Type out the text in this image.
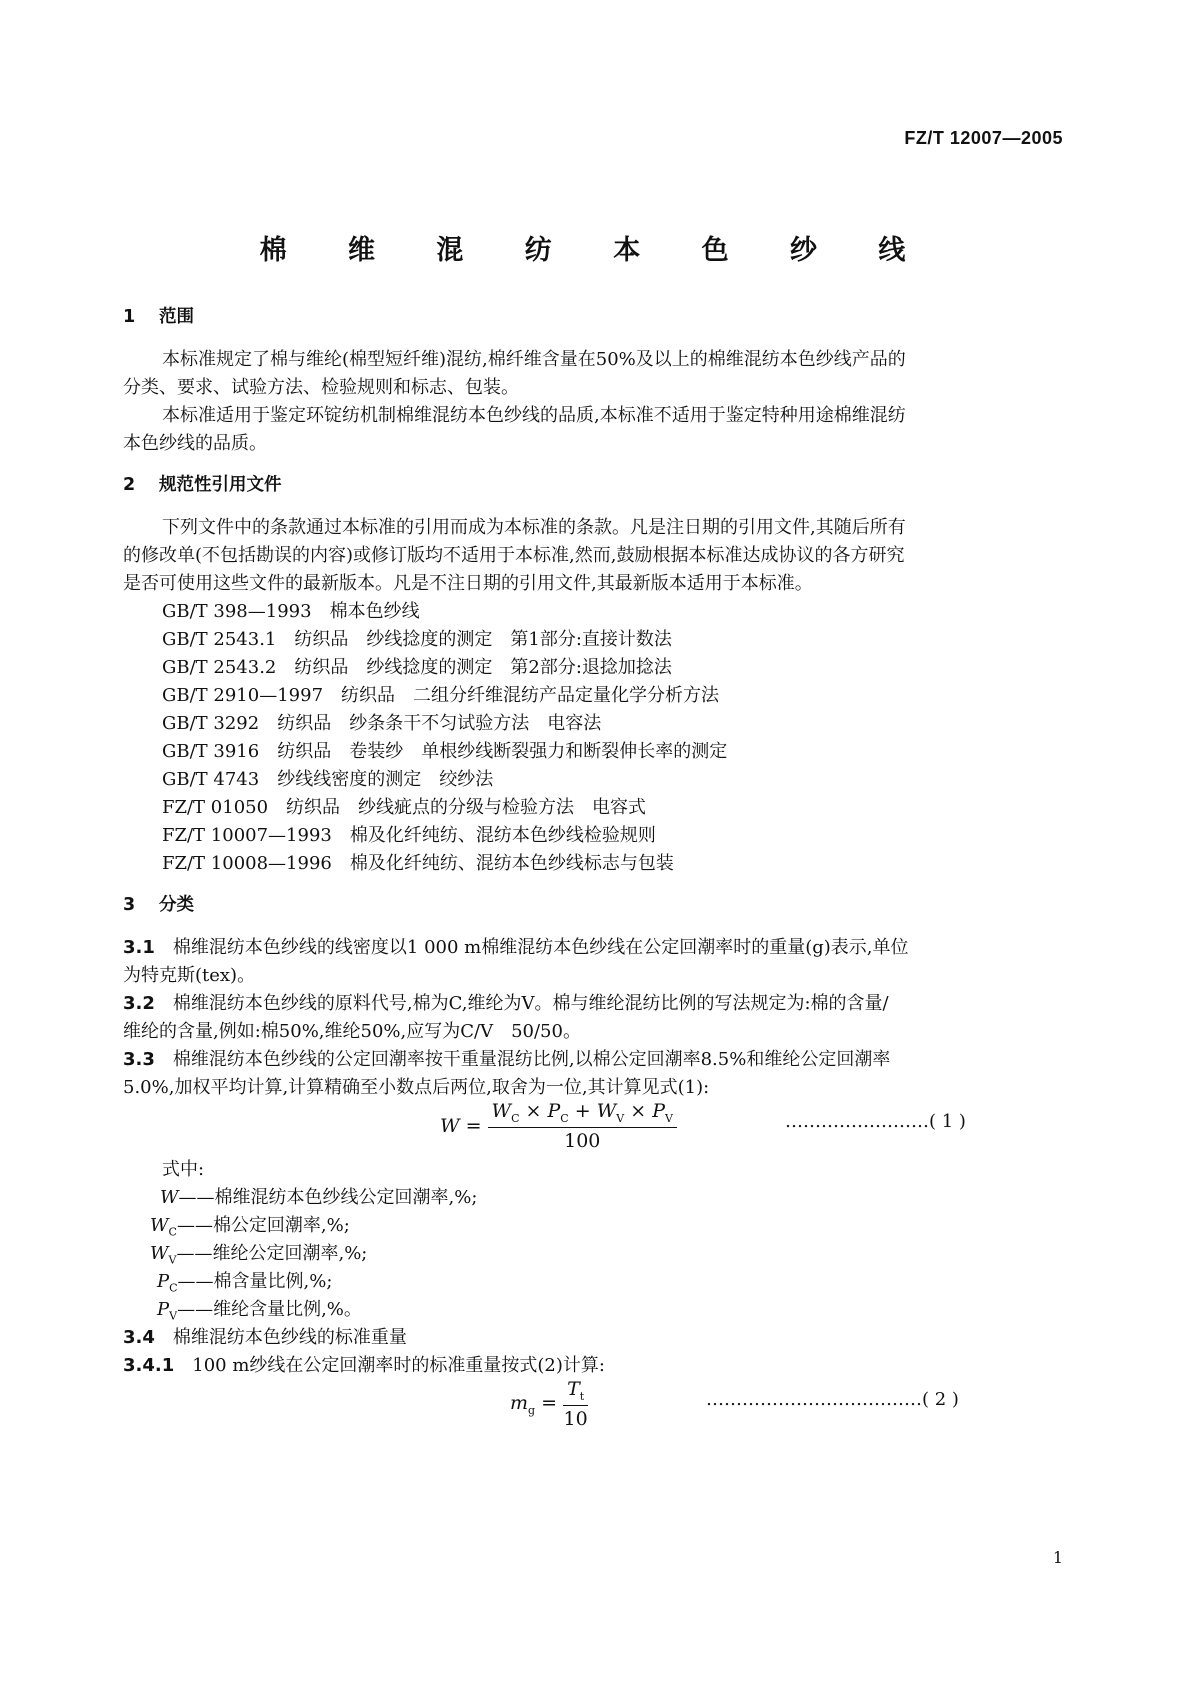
FZ/T 12007—2005
棉 维 混 纺 本 色 纱 线
1 范围
本标准规定了棉与维纶(棉型短纤维)混纺,棉纤维含量在50%及以上的棉维混纺本色纱线产品的
分类、要求、试验方法、检验规则和标志、包装。
本标准适用于鉴定环锭纺机制棉维混纺本色纱线的品质,本标准不适用于鉴定特种用途棉维混纺
本色纱线的品质。
2 规范性引用文件
下列文件中的条款通过本标准的引用而成为本标准的条款。凡是注日期的引用文件,其随后所有
的修改单(不包括勘误的内容)或修订版均不适用于本标准,然而,鼓励根据本标准达成协议的各方研究
是否可使用这些文件的最新版本。凡是不注日期的引用文件,其最新版本适用于本标准。
GB/T 398—1993　棉本色纱线
GB/T 2543.1　纺织品　纱线捻度的测定　第1部分:直接计数法
GB/T 2543.2　纺织品　纱线捻度的测定　第2部分:退捻加捻法
GB/T 2910—1997　纺织品　二组分纤维混纺产品定量化学分析方法
GB/T 3292　纺织品　纱条条干不匀试验方法　电容法
GB/T 3916　纺织品　卷装纱　单根纱线断裂强力和断裂伸长率的测定
GB/T 4743　纱线线密度的测定　绞纱法
FZ/T 01050　纺织品　纱线疵点的分级与检验方法　电容式
FZ/T 10007—1993　棉及化纤纯纺、混纺本色纱线检验规则
FZ/T 10008—1996　棉及化纤纯纺、混纺本色纱线标志与包装
3 分类
3.1 棉维混纺本色纱线的线密度以1 000 m棉维混纺本色纱线在公定回潮率时的重量(g)表示,单位
为特克斯(tex)。
3.2 棉维混纺本色纱线的原料代号,棉为C,维纶为V。棉与维纶混纺比例的写法规定为:棉的含量/
维纶的含量,例如:棉50%,维纶50%,应写为C/V　50/50。
3.3 棉维混纺本色纱线的公定回潮率按干重量混纺比例,以棉公定回潮率8.5%和维纶公定回潮率
5.0%,加权平均计算,计算精确至小数点后两位,取舍为一位,其计算见式(1):
$W = \frac{W_C \times P_C + W_V \times P_V}{100}$	……………………( 1 )
式中:
W——棉维混纺本色纱线公定回潮率,%;
$W_C——$棉公定回潮率,%;
$W_V——$维纶公定回潮率,%;
$P_C——$棉含量比例,%;
$P_V——$维纶含量比例,%。
3.4 棉维混纺本色纱线的标准重量
3.4.1 100 m纱线在公定回潮率时的标准重量按式(2)计算:
$m_g = \frac{T_t}{10}$	………………………………( 2 )
1
